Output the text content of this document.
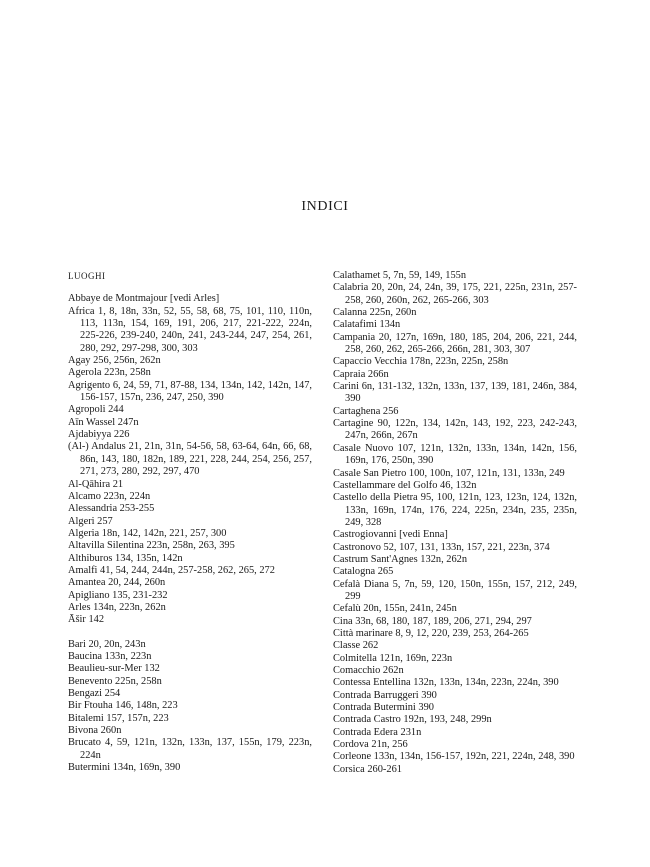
INDICI
LUOGHI
Abbaye de Montmajour [vedi Arles]
Africa 1, 8, 18n, 33n, 52, 55, 58, 68, 75, 101, 110, 110n, 113, 113n, 154, 169, 191, 206, 217, 221-222, 224n, 225-226, 239-240, 240n, 241, 243-244, 247, 254, 261, 280, 292, 297-298, 300, 303
Agay 256, 256n, 262n
Agerola 223n, 258n
Agrigento 6, 24, 59, 71, 87-88, 134, 134n, 142, 142n, 147, 156-157, 157n, 236, 247, 250, 390
Agropoli 244
Aīn Wassel 247n
Ajdabiyya 226
(Al-) Andalus 21, 21n, 31n, 54-56, 58, 63-64, 64n, 66, 68, 86n, 143, 180, 182n, 189, 221, 228, 244, 254, 256, 257, 271, 273, 280, 292, 297, 470
Al-Qāhira 21
Alcamo 223n, 224n
Alessandria 253-255
Algeri 257
Algeria 18n, 142, 142n, 221, 257, 300
Altavilla Silentina 223n, 258n, 263, 395
Althiburos 134, 135n, 142n
Amalfi 41, 54, 244, 244n, 257-258, 262, 265, 272
Amantea 20, 244, 260n
Apigliano 135, 231-232
Arles 134n, 223n, 262n
Āšir 142
Bari 20, 20n, 243n
Baucina 133n, 223n
Beaulieu-sur-Mer 132
Benevento 225n, 258n
Bengazi 254
Bir Ftouha 146, 148n, 223
Bitalemi 157, 157n, 223
Bivona 260n
Brucato 4, 59, 121n, 132n, 133n, 137, 155n, 179, 223n, 224n
Butermini 134n, 169n, 390
Calathamet 5, 7n, 59, 149, 155n
Calabria 20, 20n, 24, 24n, 39, 175, 221, 225n, 231n, 257-258, 260, 260n, 262, 265-266, 303
Calanna 225n, 260n
Calatafimi 134n
Campania 20, 127n, 169n, 180, 185, 204, 206, 221, 244, 258, 260, 262, 265-266, 266n, 281, 303, 307
Capaccio Vecchia 178n, 223n, 225n, 258n
Capraia 266n
Carini 6n, 131-132, 132n, 133n, 137, 139, 181, 246n, 384, 390
Cartaghena 256
Cartagine 90, 122n, 134, 142n, 143, 192, 223, 242-243, 247n, 266n, 267n
Casale Nuovo 107, 121n, 132n, 133n, 134n, 142n, 156, 169n, 176, 250n, 390
Casale San Pietro 100, 100n, 107, 121n, 131, 133n, 249
Castellammare del Golfo 46, 132n
Castello della Pietra 95, 100, 121n, 123, 123n, 124, 132n, 133n, 169n, 174n, 176, 224, 225n, 234n, 235, 235n, 249, 328
Castrogiovanni [vedi Enna]
Castronovo 52, 107, 131, 133n, 157, 221, 223n, 374
Castrum Sant'Agnes 132n, 262n
Catalogna 265
Cefalà Diana 5, 7n, 59, 120, 150n, 155n, 157, 212, 249, 299
Cefalù 20n, 155n, 241n, 245n
Cina 33n, 68, 180, 187, 189, 206, 271, 294, 297
Città marinare 8, 9, 12, 220, 239, 253, 264-265
Classe 262
Colmitella 121n, 169n, 223n
Comacchio 262n
Contessa Entellina 132n, 133n, 134n, 223n, 224n, 390
Contrada Barruggeri 390
Contrada Butermini 390
Contrada Castro 192n, 193, 248, 299n
Contrada Edera 231n
Cordova 21n, 256
Corleone 133n, 134n, 156-157, 192n, 221, 224n, 248, 390
Corsica 260-261
